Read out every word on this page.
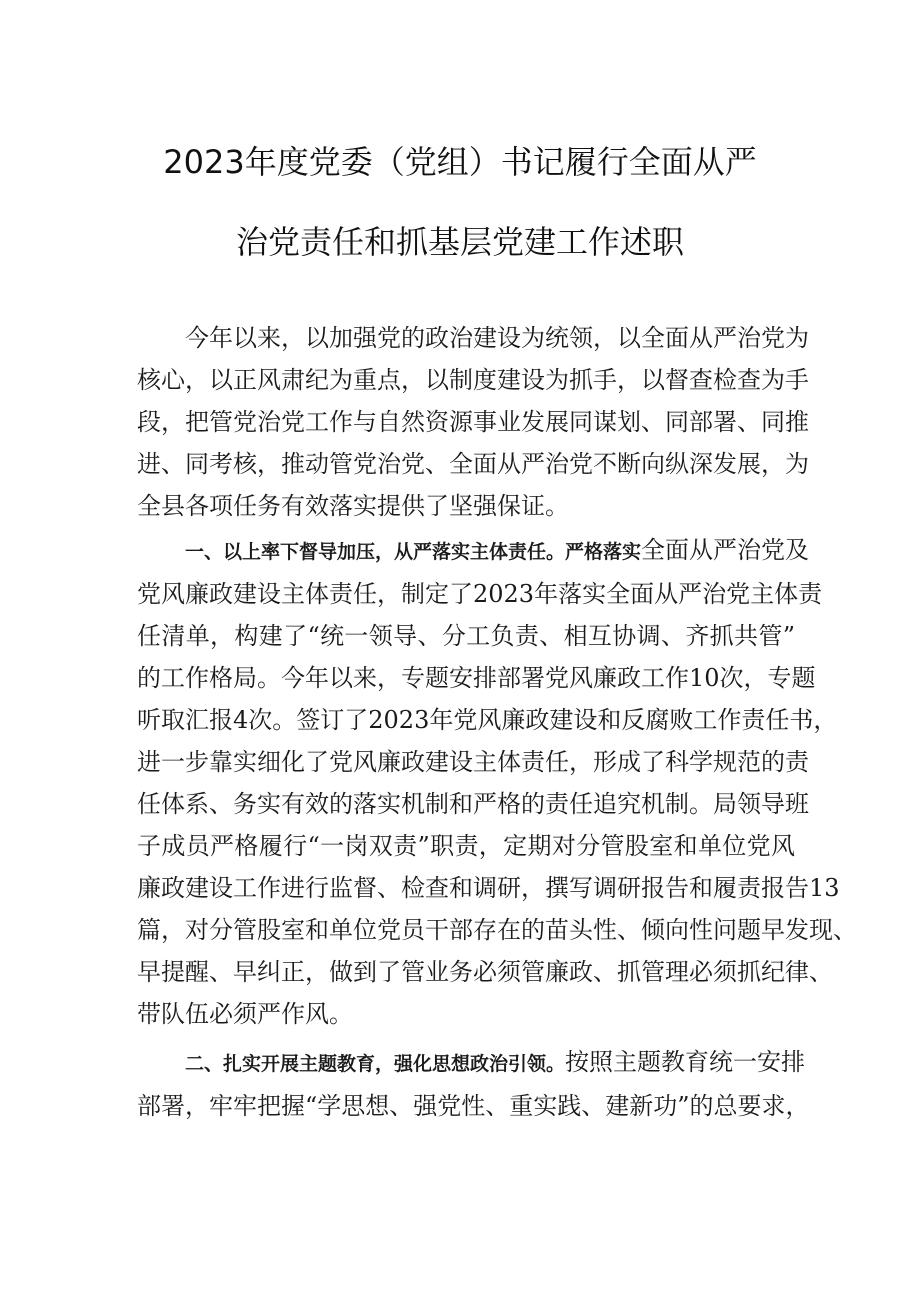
2023年度党委（党组）书记履行全面从严
治党责任和抓基层党建工作述职
今年以来，以加强党的政治建设为统领，以全面从严治党为
核心，以正风肃纪为重点，以制度建设为抓手，以督查检查为手
段，把管党治党工作与自然资源事业发展同谋划、同部署、同推
进、同考核，推动管党治党、全面从严治党不断向纵深发展，为
全县各项任务有效落实提供了坚强保证。
一、以上率下督导加压，从严落实主体责任。严格落实全面从严治党及
党风廉政建设主体责任，制定了2023年落实全面从严治党主体责
任清单，构建了“统一领导、分工负责、相互协调、齐抓共管”
的工作格局。今年以来，专题安排部署党风廉政工作10次，专题
听取汇报4次。签订了2023年党风廉政建设和反腐败工作责任书，
进一步靠实细化了党风廉政建设主体责任，形成了科学规范的责
任体系、务实有效的落实机制和严格的责任追究机制。局领导班
子成员严格履行“一岗双责”职责，定期对分管股室和单位党风
廉政建设工作进行监督、检查和调研，撰写调研报告和履责报告13
篇，对分管股室和单位党员干部存在的苗头性、倾向性问题早发现、
早提醒、早纠正，做到了管业务必须管廉政、抓管理必须抓纪律、
带队伍必须严作风。
二、扎实开展主题教育，强化思想政治引领。按照主题教育统一安排
部署，牢牢把握“学思想、强党性、重实践、建新功”的总要求，
